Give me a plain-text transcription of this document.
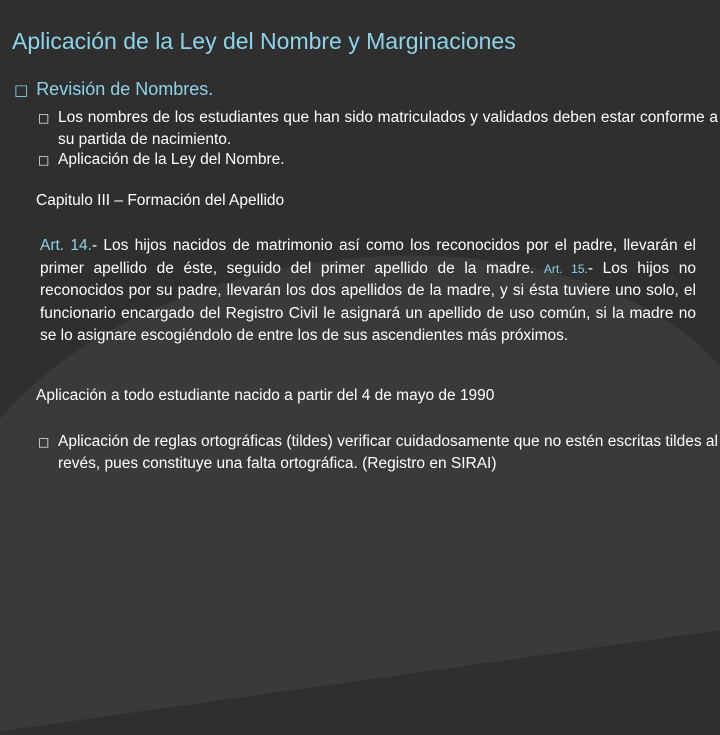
Aplicación de la Ley del Nombre y Marginaciones
□ Revisión de Nombres.
□ Los nombres de los estudiantes que han sido matriculados y validados deben estar conforme a su partida de nacimiento.
□ Aplicación de la Ley del Nombre.
Capitulo III – Formación del Apellido
Art. 14.- Los hijos nacidos de matrimonio así como los reconocidos por el padre, llevarán el primer apellido de éste, seguido del primer apellido de la madre. Art. 15.- Los hijos no reconocidos por su padre, llevarán los dos apellidos de la madre, y si ésta tuviere uno solo, el funcionario encargado del Registro Civil le asignará un apellido de uso común, si la madre no se lo asignare escogiéndolo de entre los de sus ascendientes más próximos.
Aplicación a todo estudiante nacido a partir del 4 de mayo de 1990
□ Aplicación de reglas ortográficas (tildes) verificar cuidadosamente que no estén escritas tildes al revés, pues constituye una falta ortográfica. (Registro en SIRAI)
